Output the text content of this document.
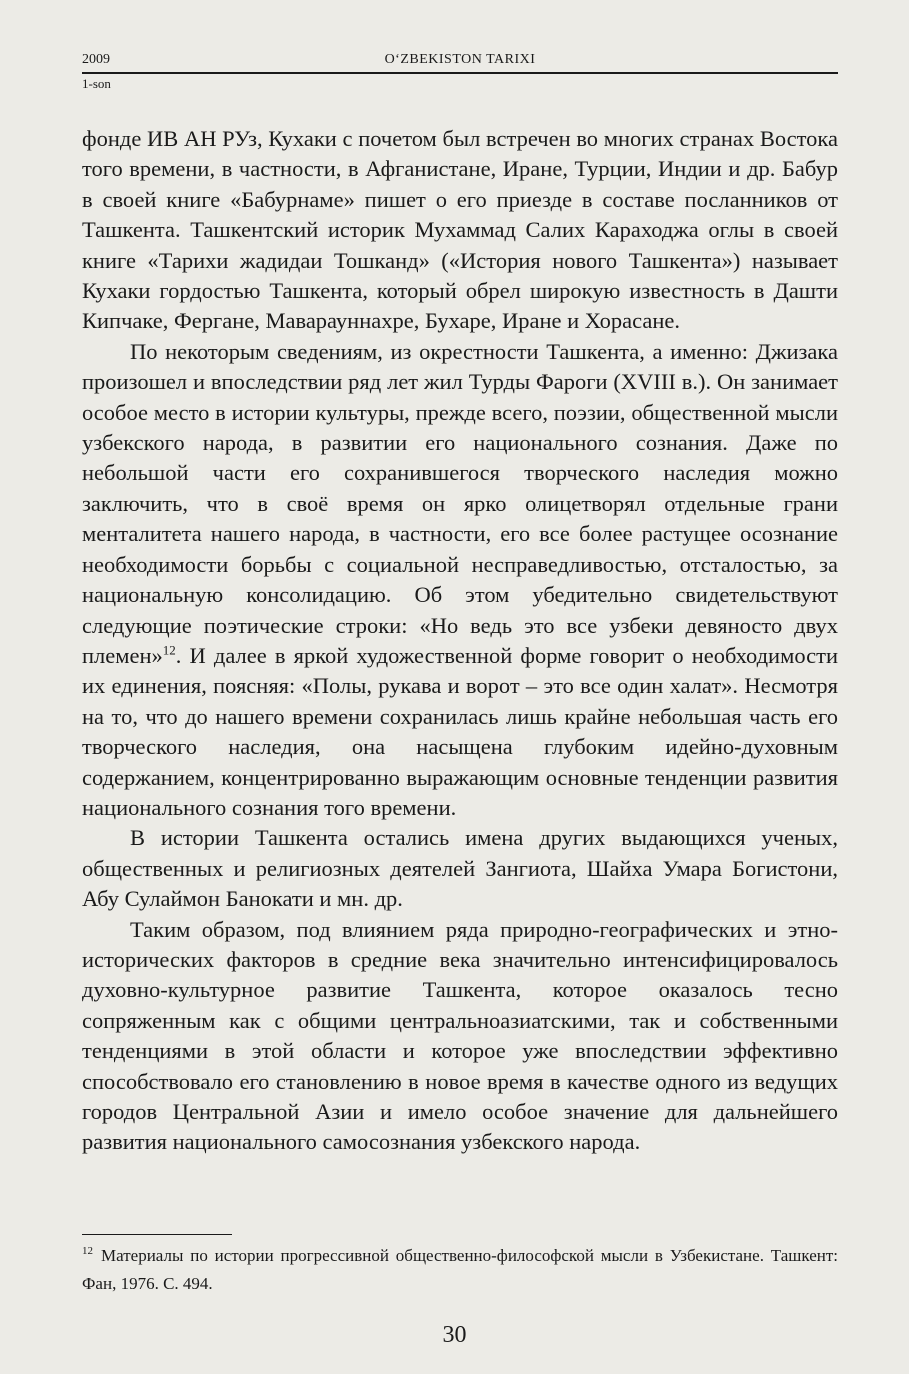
2009	O‘ZBEKISTON TARIXI
1-son

фонде ИВ АН РУз, Кухаки с почетом был встречен во многих странах Востока того времени, в частности, в Афганистане, Иране, Турции, Индии и др. Бабур в своей книге «Бабурнаме» пишет о его приезде в составе посланников от Ташкента. Ташкентский историк Мухаммад Салих Караходжа оглы в своей книге «Тарихи жадидаи Тошканд» («История нового Ташкента») называет Кухаки гордостью Ташкента, который обрел широкую известность в Дашти Кипчаке, Фергане, Маварауннахре, Бухаре, Иране и Хорасане.

По некоторым сведениям, из окрестности Ташкента, а именно: Джизака произошел и впоследствии ряд лет жил Турды Фароги (XVIII в.). Он занимает особое место в истории культуры, прежде всего, поэзии, общественной мысли узбекского народа, в развитии его национального сознания. Даже по небольшой части его сохранившегося творческого наследия можно заключить, что в своё время он ярко олицетворял отдельные грани менталитета нашего народа, в частности, его все более растущее осознание необходимости борьбы с социальной несправедливостью, отсталостью, за национальную консолидацию. Об этом убедительно свидетельствуют следующие поэтические строки: «Но ведь это все узбеки девяносто двух племен»$^{12}$. И далее в яркой художественной форме говорит о необходимости их единения, поясняя: «Полы, рукава и ворот – это все один халат». Несмотря на то, что до нашего времени сохранилась лишь крайне небольшая часть его творческого наследия, она насыщена глубоким идейно-духовным содержанием, концентрированно выражающим основные тенденции развития национального сознания того времени.

В истории Ташкента остались имена других выдающихся ученых, общественных и религиозных деятелей Зангиота, Шайха Умара Богистони, Абу Сулаймон Банокати и мн. др.

Таким образом, под влиянием ряда природно-географических и этно-исторических факторов в средние века значительно интенсифицировалось духовно-культурное развитие Ташкента, которое оказалось тесно сопряженным как с общими центральноазиатскими, так и собственными тенденциями в этой области и которое уже впоследствии эффективно способствовало его становлению в новое время в качестве одного из ведущих городов Центральной Азии и имело особое значение для дальнейшего развития национального самосознания узбекского народа.

$^{12}$ Материалы по истории прогрессивной общественно-философской мысли в Узбекистане. Ташкент: Фан, 1976. С. 494.
30
